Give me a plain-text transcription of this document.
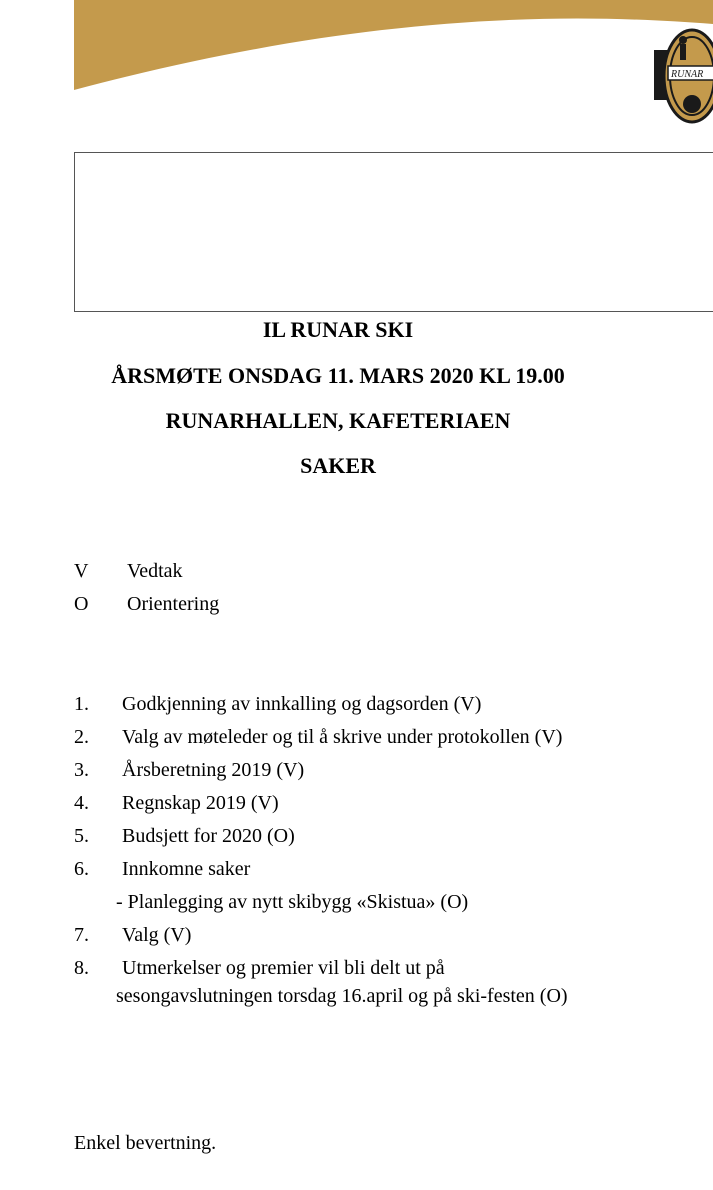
RUNAR
IL RUNAR SKI
ÅRSMØTE ONSDAG 11. MARS 2020 KL 19.00
RUNARHALLEN, KAFETERIAEN
SAKER
V Vedtak
O Orientering
1.	Godkjenning av innkalling og dagsorden (V)
2.	Valg av møteleder og til å skrive under protokollen (V)
3.	Årsberetning 2019 (V)
4.	Regnskap 2019 (V)
5.	Budsjett for 2020 (O)
6.	Innkomne saker
- Planlegging av nytt skibygg «Skistua» (O)
7.	Valg (V)
8.	Utmerkelser og premier vil bli delt ut på sesongavslutningen torsdag 16.april og på ski-festen (O)
Enkel bevertning.
